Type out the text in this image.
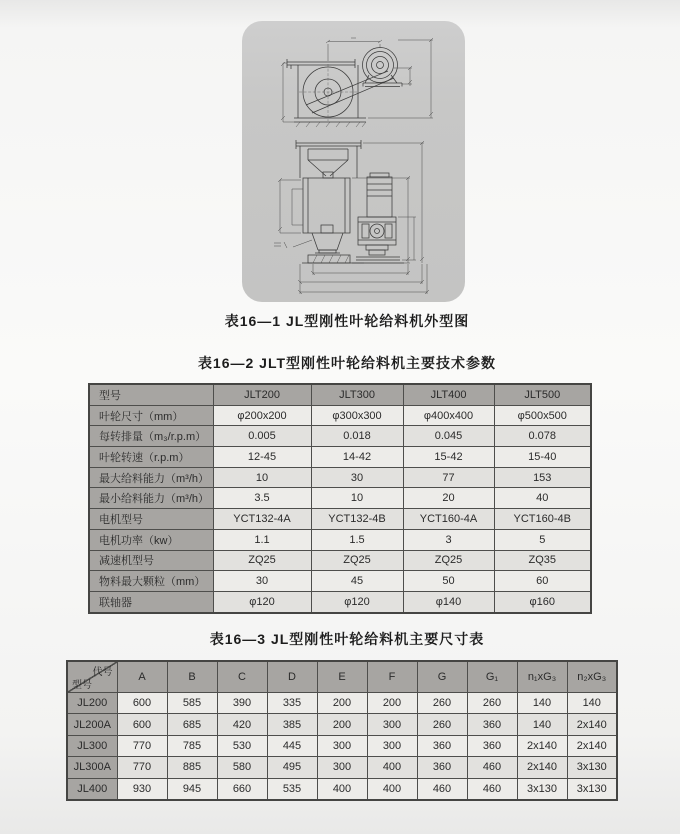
表16—1 JL型刚性叶轮给料机外型图
表16—2 JLT型刚性叶轮给料机主要技术参数
表16—3 JL型刚性叶轮给料机主要尺寸表
型号	JLT200	JLT300	JLT400	JLT500
叶轮尺寸（mm）	φ200x200	φ300x300	φ400x400	φ500x500
每转排量（m₃/r.p.m）	0.005	0.018	0.045	0.078
叶轮转速（r.p.m）	12-45	14-42	15-42	15-40
最大给料能力（m³/h）	10	30	77	153
最小给料能力（m³/h）	3.5	10	20	40
电机型号	YCT132-4A	YCT132-4B	YCT160-4A	YCT160-4B
电机功率（kw）	1.1	1.5	3	5
减速机型号	ZQ25	ZQ25	ZQ25	ZQ35
物料最大颗粒（mm）	30	45	50	60
联轴器	φ120	φ120	φ140	φ160
代号
型号	A	B	C	D	E	F	G	G₁	n₁xG₃	n₂xG₃
JL200	600	585	390	335	200	200	260	260	140	140
JL200A	600	685	420	385	200	300	260	360	140	2x140
JL300	770	785	530	445	300	300	360	360	2x140	2x140
JL300A	770	885	580	495	300	400	360	460	2x140	3x130
JL400	930	945	660	535	400	400	460	460	3x130	3x130
